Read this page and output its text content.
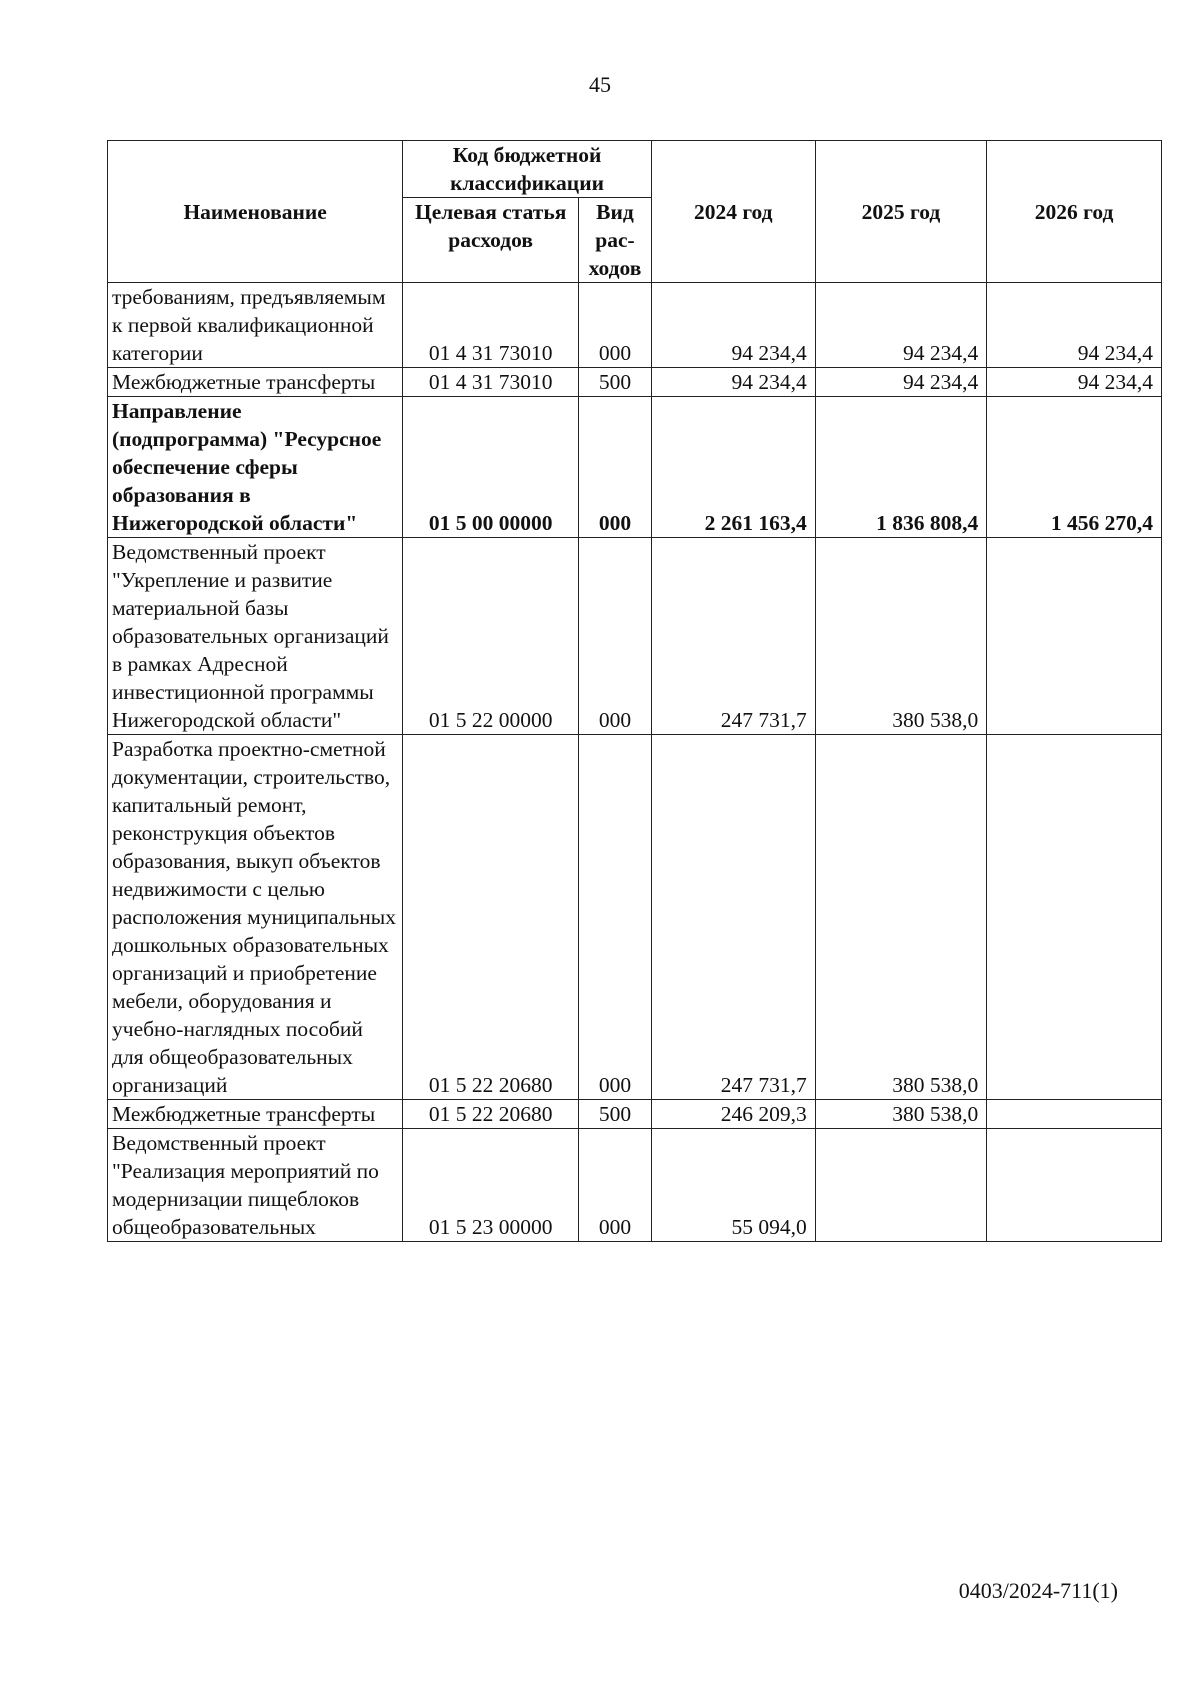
45
Наименование	Код бюджетной классификации		2024 год	2025 год	2026 год
	Целевая статья расходов	Вид рас- ходов			
требованиям, предъявляемым к первой квалификационной категории	01 4 31 73010	000	94 234,4	94 234,4	94 234,4
Межбюджетные трансферты	01 4 31 73010	500	94 234,4	94 234,4	94 234,4
Направление (подпрограмма) "Ресурсное обеспечение сферы образования в Нижегородской области"	01 5 00 00000	000	2 261 163,4	1 836 808,4	1 456 270,4
Ведомственный проект "Укрепление и развитие материальной базы образовательных организаций в рамках Адресной инвестиционной программы Нижегородской области"	01 5 22 00000	000	247 731,7	380 538,0	
Разработка проектно-сметной документации, строительство, капитальный ремонт, реконструкция объектов образования, выкуп объектов недвижимости с целью расположения муниципальных дошкольных образовательных организаций и приобретение мебели, оборудования и учебно-наглядных пособий для общеобразовательных организаций	01 5 22 20680	000	247 731,7	380 538,0	
Межбюджетные трансферты	01 5 22 20680	500	246 209,3	380 538,0	
Ведомственный проект "Реализация мероприятий по модернизации пищеблоков общеобразовательных	01 5 23 00000	000	55 094,0		
0403/2024-711(1)
